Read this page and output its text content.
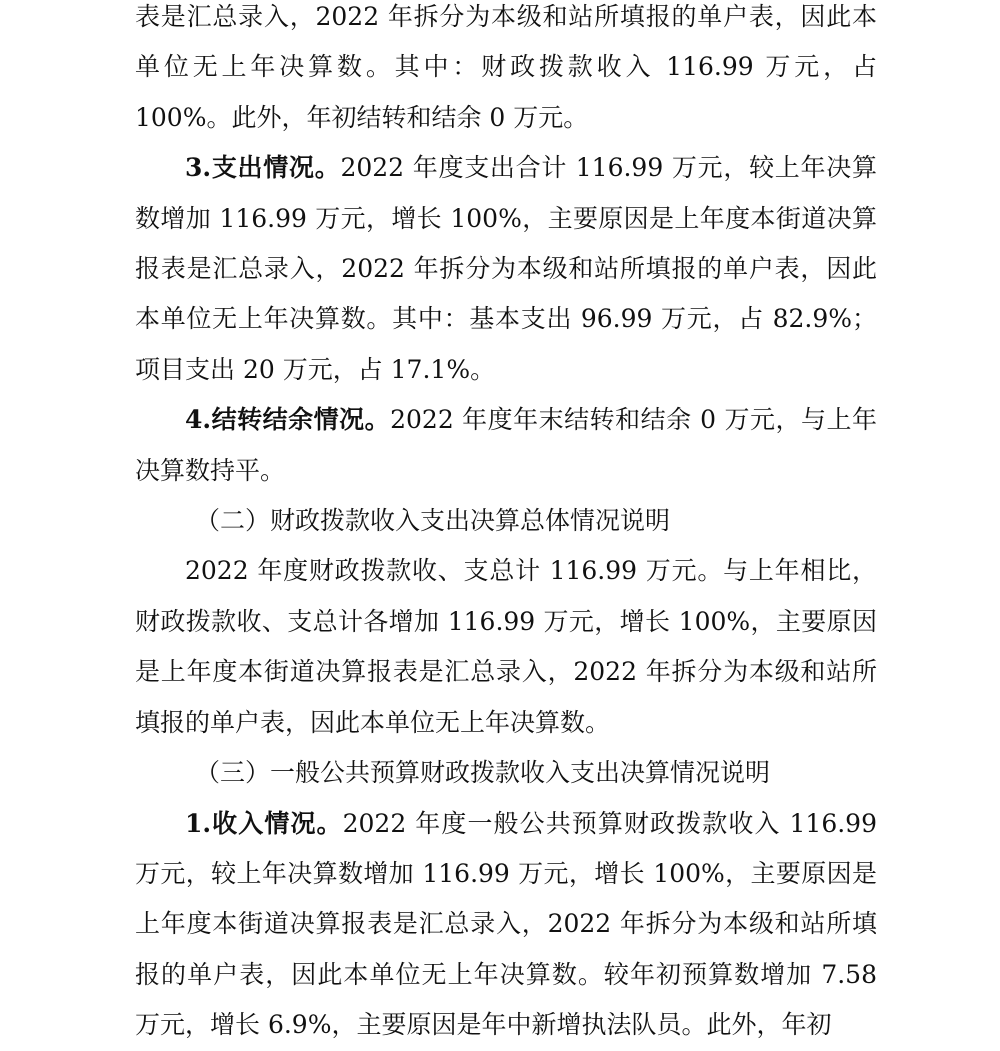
表是汇总录入，2022 年拆分为本级和站所填报的单户表，因此本单位无上年决算数。其中：财政拨款收入 116.99 万元，占 100%。此外，年初结转和结余 0 万元。

3.支出情况。2022 年度支出合计 116.99 万元，较上年决算数增加 116.99 万元，增长 100%，主要原因是上年度本街道决算报表是汇总录入，2022 年拆分为本级和站所填报的单户表，因此本单位无上年决算数。其中：基本支出 96.99 万元，占 82.9%；项目支出 20 万元，占 17.1%。

4.结转结余情况。2022 年度年末结转和结余 0 万元，与上年决算数持平。

（二）财政拨款收入支出决算总体情况说明

2022 年度财政拨款收、支总计 116.99 万元。与上年相比，财政拨款收、支总计各增加 116.99 万元，增长 100%，主要原因是上年度本街道决算报表是汇总录入，2022 年拆分为本级和站所填报的单户表，因此本单位无上年决算数。

（三）一般公共预算财政拨款收入支出决算情况说明

1.收入情况。2022 年度一般公共预算财政拨款收入 116.99 万元，较上年决算数增加 116.99 万元，增长 100%，主要原因是上年度本街道决算报表是汇总录入，2022 年拆分为本级和站所填报的单户表，因此本单位无上年决算数。较年初预算数增加 7.58 万元，增长 6.9%，主要原因是年中新增执法队员。此外，年初
